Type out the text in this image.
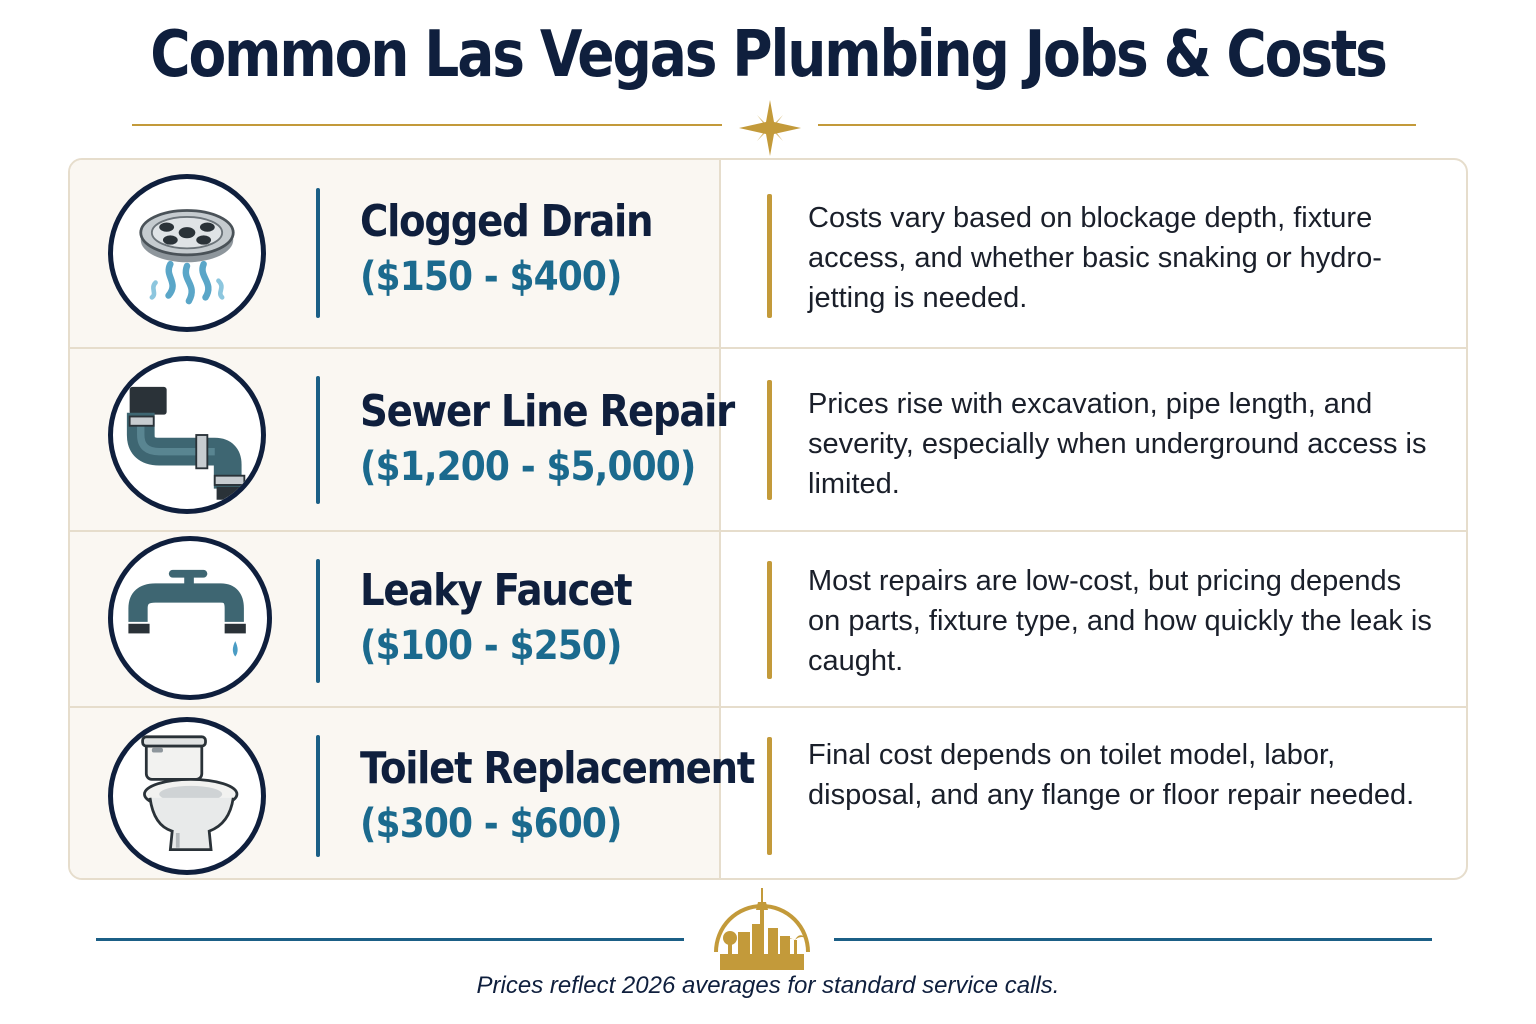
Common Las Vegas Plumbing Jobs & Costs
Clogged Drain
($150 - $400)
Costs vary based on blockage depth, fixture access, and whether basic snaking or hydro-jetting is needed.
Sewer Line Repair
($1,200 - $5,000)
Prices rise with excavation, pipe length, and severity, especially when underground access is limited.
Leaky Faucet
($100 - $250)
Most repairs are low-cost, but pricing depends on parts, fixture type, and how quickly the leak is caught.
Toilet Replacement
($300 - $600)
Final cost depends on toilet model, labor, disposal, and any flange or floor repair needed.
Prices reflect 2026 averages for standard service calls.
